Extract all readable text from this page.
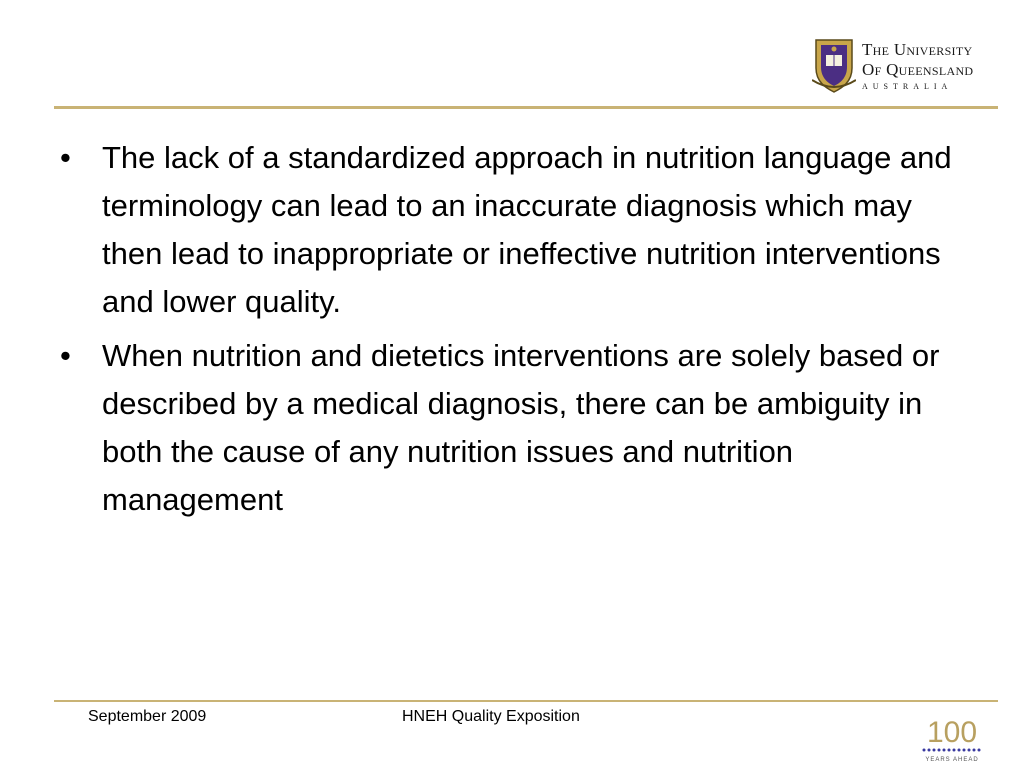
The University
Of Queensland
AUSTRALIA
•	The lack of a standardized approach in nutrition language and terminology can lead to an inaccurate diagnosis which may then lead to inappropriate or ineffective nutrition interventions and lower quality.
•	When nutrition and dietetics interventions are solely based or described by a medical diagnosis, there can be ambiguity in both the cause of any nutrition issues and nutrition management
September 2009	HNEH Quality Exposition	100
YEARS AHEAD
